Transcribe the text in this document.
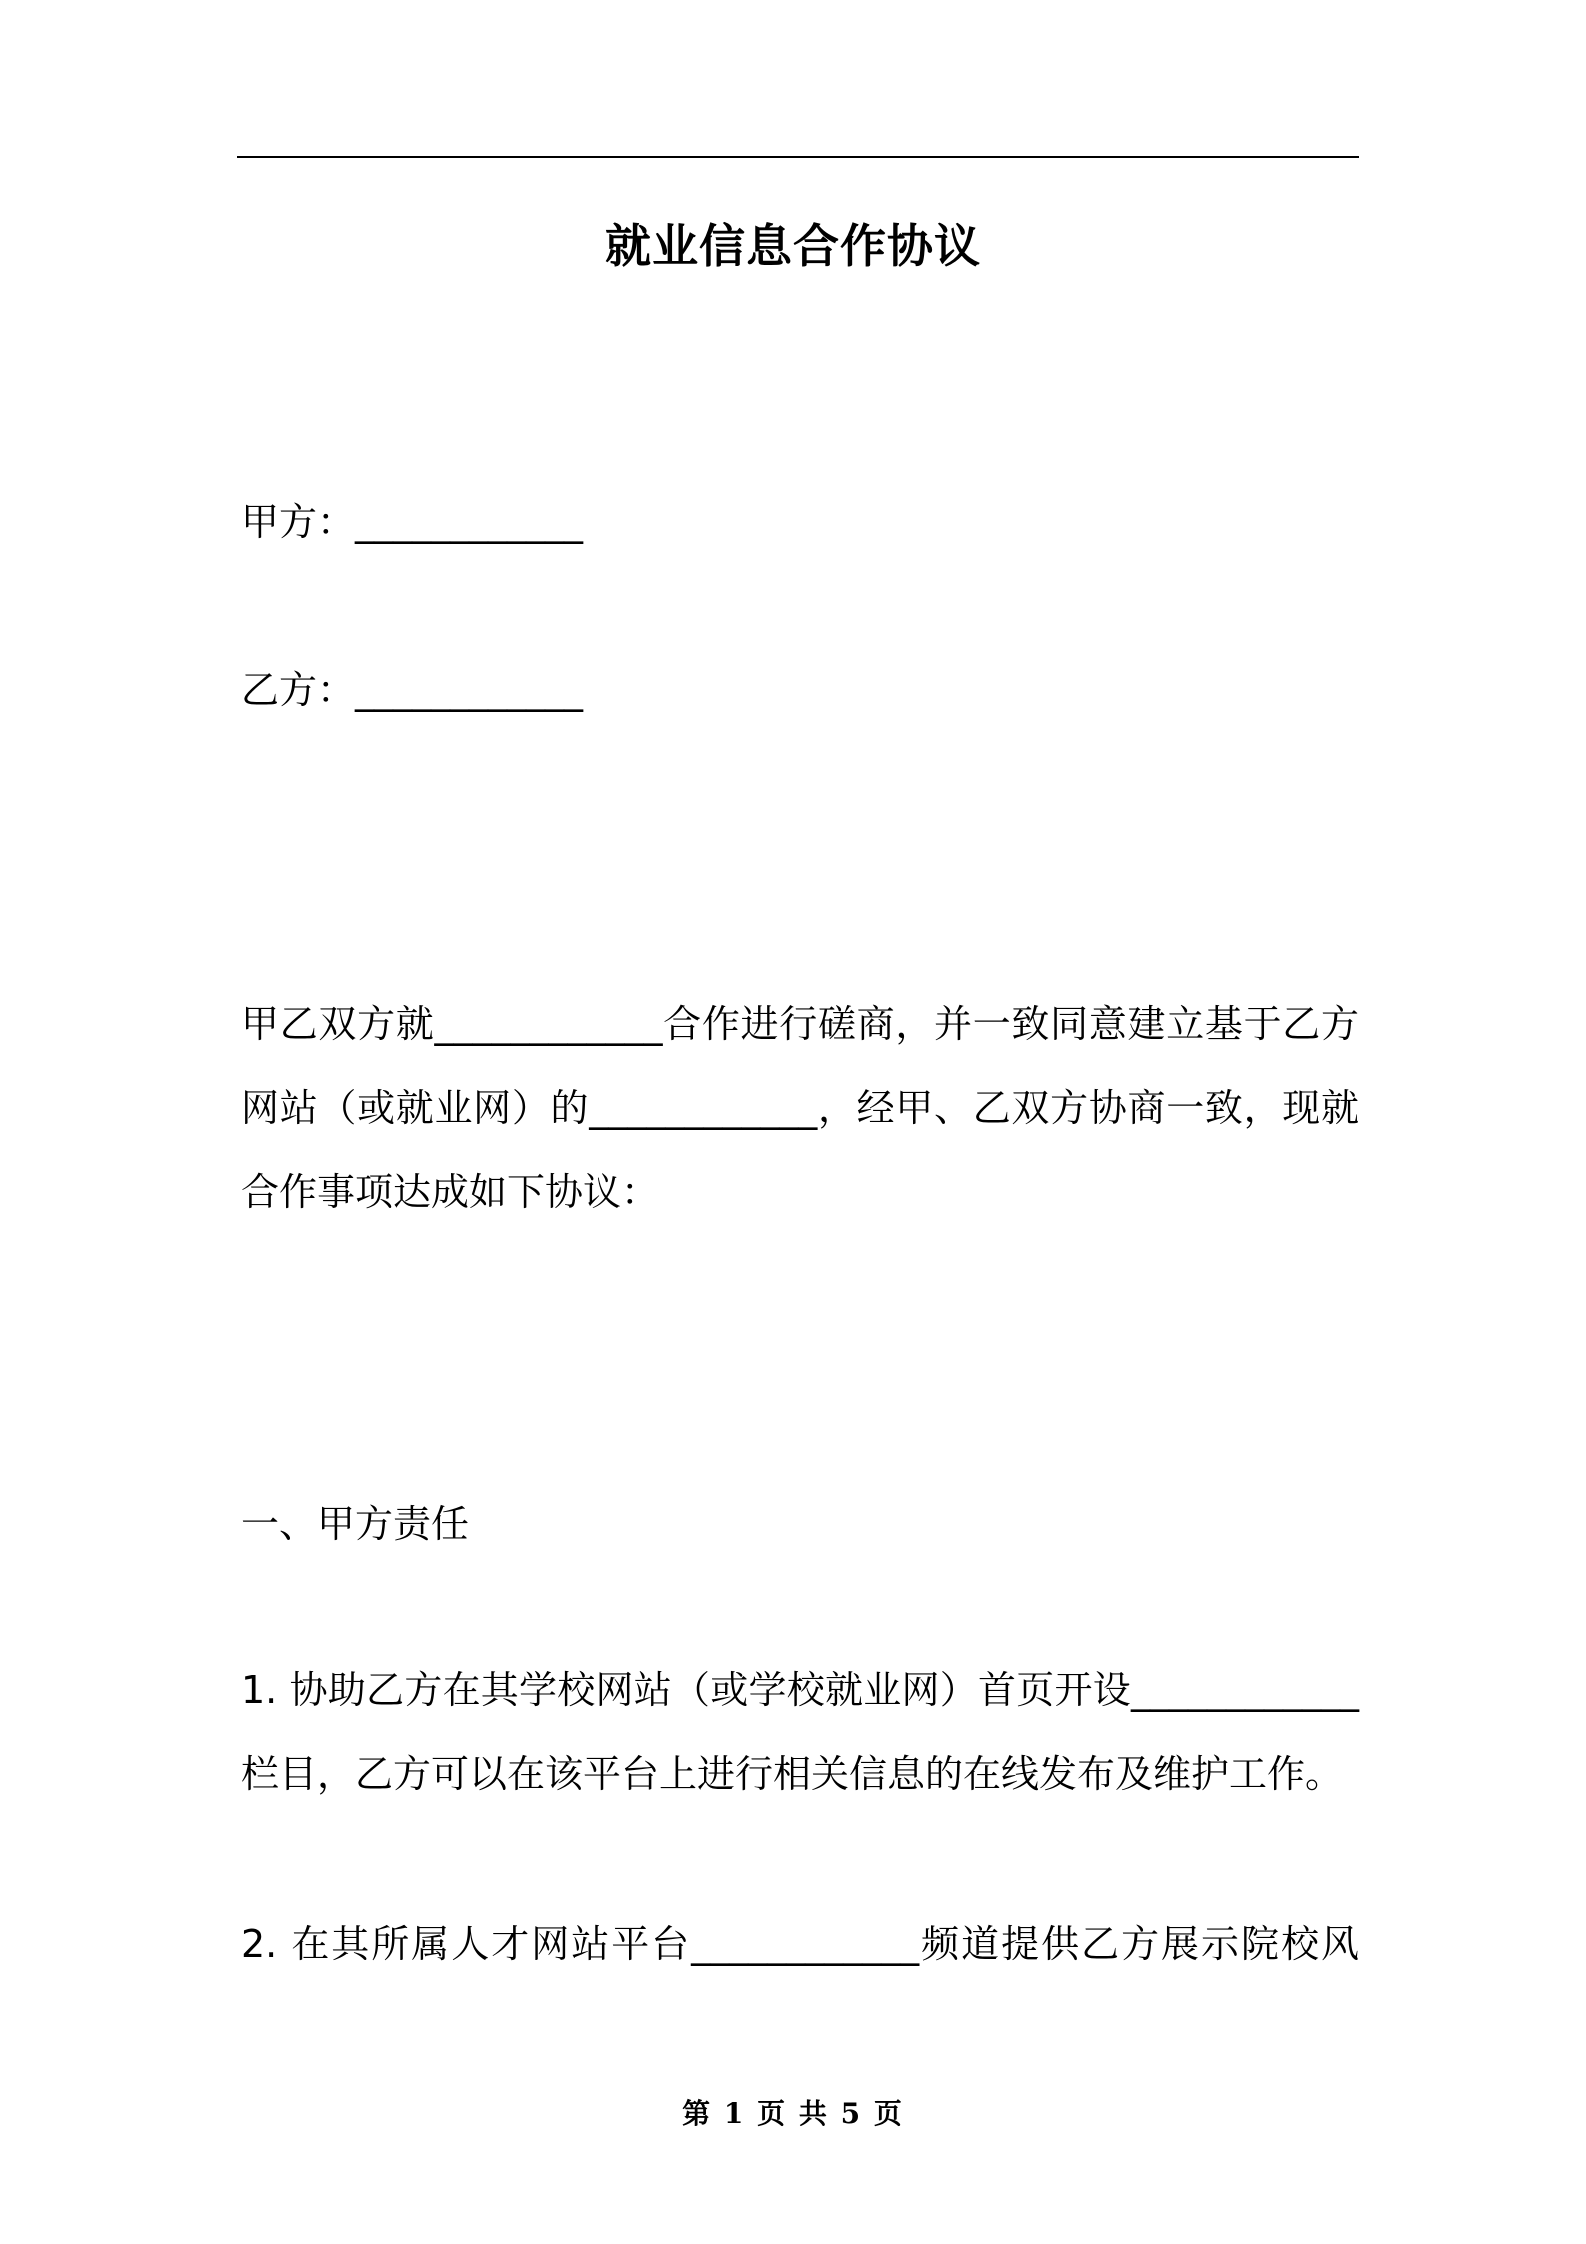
就业信息合作协议
甲方：____________
乙方：____________
甲乙双方就____________合作进行磋商，并一致同意建立基于乙方
网站（或就业网）的____________，经甲、乙双方协商一致，现就
合作事项达成如下协议：
一、甲方责任
1. 协助乙方在其学校网站（或学校就业网）首页开设____________
栏目，乙方可以在该平台上进行相关信息的在线发布及维护工作。
2. 在其所属人才网站平台____________频道提供乙方展示院校风
第 1 页 共 5 页
